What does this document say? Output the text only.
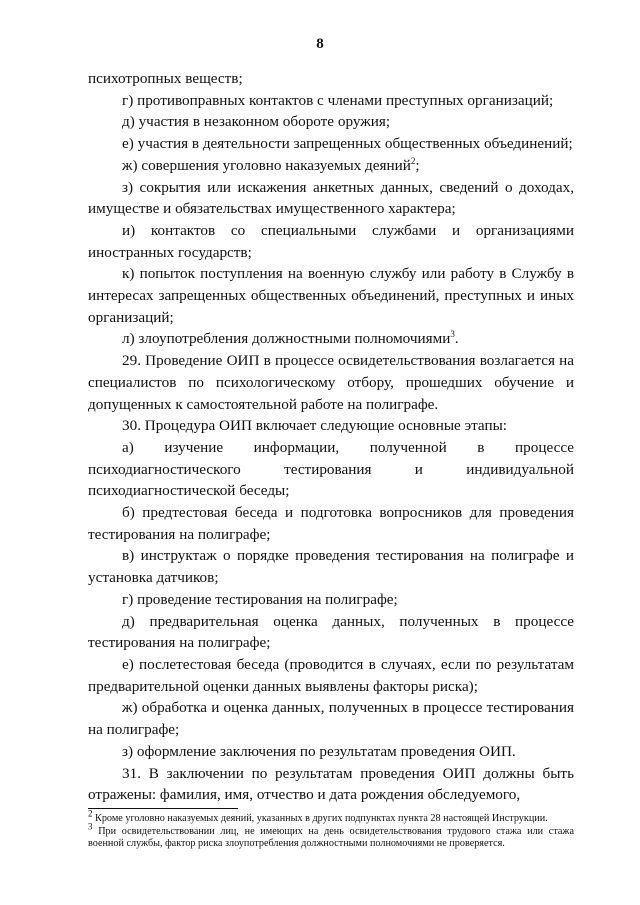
8

психотропных веществ;

г) противоправных контактов с членами преступных организаций;

д) участия в незаконном обороте оружия;

е) участия в деятельности запрещенных общественных объединений;

ж) совершения уголовно наказуемых деяний$^2$;

з) сокрытия или искажения анкетных данных, сведений о доходах, имуществе и обязательствах имущественного характера;

и) контактов со специальными службами и организациями иностранных государств;

к) попыток поступления на военную службу или работу в Службу в интересах запрещенных общественных объединений, преступных и иных организаций;

л) злоупотребления должностными полномочиями$^3$.

29. Проведение ОИП в процессе освидетельствования возлагается на специалистов по психологическому отбору, прошедших обучение и допущенных к самостоятельной работе на полиграфе.

30. Процедура ОИП включает следующие основные этапы:

а) изучение информации, полученной в процессе психодиагностического тестирования и индивидуальной психодиагностической беседы;

б) предтестовая беседа и подготовка вопросников для проведения тестирования на полиграфе;

в) инструктаж о порядке проведения тестирования на полиграфе и установка датчиков;

г) проведение тестирования на полиграфе;

д) предварительная оценка данных, полученных в процессе тестирования на полиграфе;

е) послетестовая беседа (проводится в случаях, если по результатам предварительной оценки данных выявлены факторы риска);

ж) обработка и оценка данных, полученных в процессе тестирования на полиграфе;

з) оформление заключения по результатам проведения ОИП.

31. В заключении по результатам проведения ОИП должны быть отражены: фамилия, имя, отчество и дата рождения обследуемого,

$^2$ Кроме уголовно наказуемых деяний, указанных в других подпунктах пункта 28 настоящей Инструкции.

$^3$ При освидетельствовании лиц, не имеющих на день освидетельствования трудового стажа или стажа военной службы, фактор риска злоупотребления должностными полномочиями не проверяется.
